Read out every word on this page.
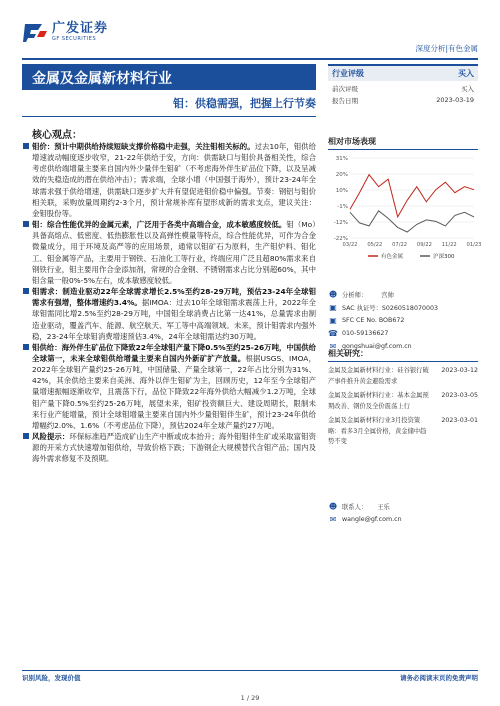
广发证券
GF SECURITIES
深度分析|有色金属
金属及金属新材料行业
钼：供稳需强，把握上行节奏
核心观点：
钼价：预计中期供给持续短缺支撑价格稳中走强，关注钼相关标的。过去10年，钼供给增速波动幅度逐步收窄，21-22年供给于安，方向：供需缺口与钼价具备相关性，综合考虑供给端增量主要来自国内外少量伴生钼矿（不考虑海外伴生矿品位下降，以及呈减效的失稳造成的潜在供给冲击）；需求端，全球小增（中国强于海外），预计23-24年全球需求强于供给增速，供需缺口逐步扩大并有望促进钼价稳中偏强。节奏：钢铝与钼价相关联，采购放量周期约2-3个月，预计常规补库有望形成新的需求支点，建议关注：金钼股份等。
钼：综合性能优异的金属元素，广泛用于各类中高端合金，成本敏感度较低。钼（Mo）具备高熔点、低密度、低热膨胀性以及高弹性模量等特点，综合性能优异，可作为合金微量成分，用于环境及高严等的应用场景，通常以钼矿石为原料，生产钼炉料、钼化工、钼金属等产品，主要用于钢铁、石油化工等行业，终端应用广泛且超80%需求来自钢铁行业，钼主要用作合金添加剂，常规的合金钢、不锈钢需求占比分别超60%，其中钼含量一般0%-5%左右，成本敏感度较低。
钼需求：制造业驱动22年全球需求增长2.5%至约28-29万吨，预估23-24年全球钼需求有强增，整体增速约3.4%。据IMOA：过去10年全球钼需求震荡上升，2022年全球钼需同比增2.5%至约28-29万吨，中国钼全球消费占比第一达41%，总量需求由制造业驱动，覆盖汽车、能源、航空航天、军工等中高端领域。未来，预计钼需求内强外稳，23-24年全球钼消费增速预估3.4%，24年全球钼需达约30万吨。
钼供给：海外伴生矿品位下降致22年全球钼产量下降0.5%至约25-26万吨，中国供给全球第一，未来全球钼供给增量主要来自国内外新矿扩产放量。根据USGS、IMOA，2022年全球钼产量约25-26万吨，中国储量、产量全球第一，22年占比分别为31%、42%，其余供给主要来自美洲、海外以伴生钼矿为主，回顾历史，12年至今全球钼产量增速振幅逐渐收窄，且震荡下行，品位下降致22年海外供给大幅减少1.2万吨，全球钼产量下降0.5%至约25-26万吨，展望未来，钼矿投资额巨大、建设周期长，限制未来行业产能增量，预计全球钼增量主要来自国内外少量钼钼伴生矿，预计23-24年供给增幅约2.0%、1.6%（不考虑品位下降），预估2024年全球产量约27万吨。
风险提示：环保标准趋严造成矿山生产中断或成本抬升；海外钼钼伴生矿或采取富钼资源的开采方式快速增加钼供给，导致价格下跌；下游钢企大规模替代含钼产品；国内及海外需求修复不及预期。
行业评级	买入
前次评级	买入
报告日期	2023-03-19
相对市场表现
31%
20%
10%
-1%
-12%
-22%
03/22 05/22 07/22 09/22 11/22 01/23
有色金属	沪深300
☻ 分析师： 宫帅
▣ SAC 执证号：S0260518070003
▣ SFC CE No. BOB672
☎ 010-59136627
✉ gongshuai@gf.com.cn
相关研究：
金属及金属新材料行业：硅谷银行破产事件推升黄金避险需求
2023-03-12
金属及金属新材料行业：基本金属预期改善、钢价及全价震荡上行
2023-03-05
金属及金属新材料行业3月投资策略：看多3月全属价格，黄金储中趋势不变
2023-03-01
☻ 联系人： 王乐
✉ wangle@gf.com.cn
识别风险，发现价值	请务必阅读末页的免责声明
1 / 29
